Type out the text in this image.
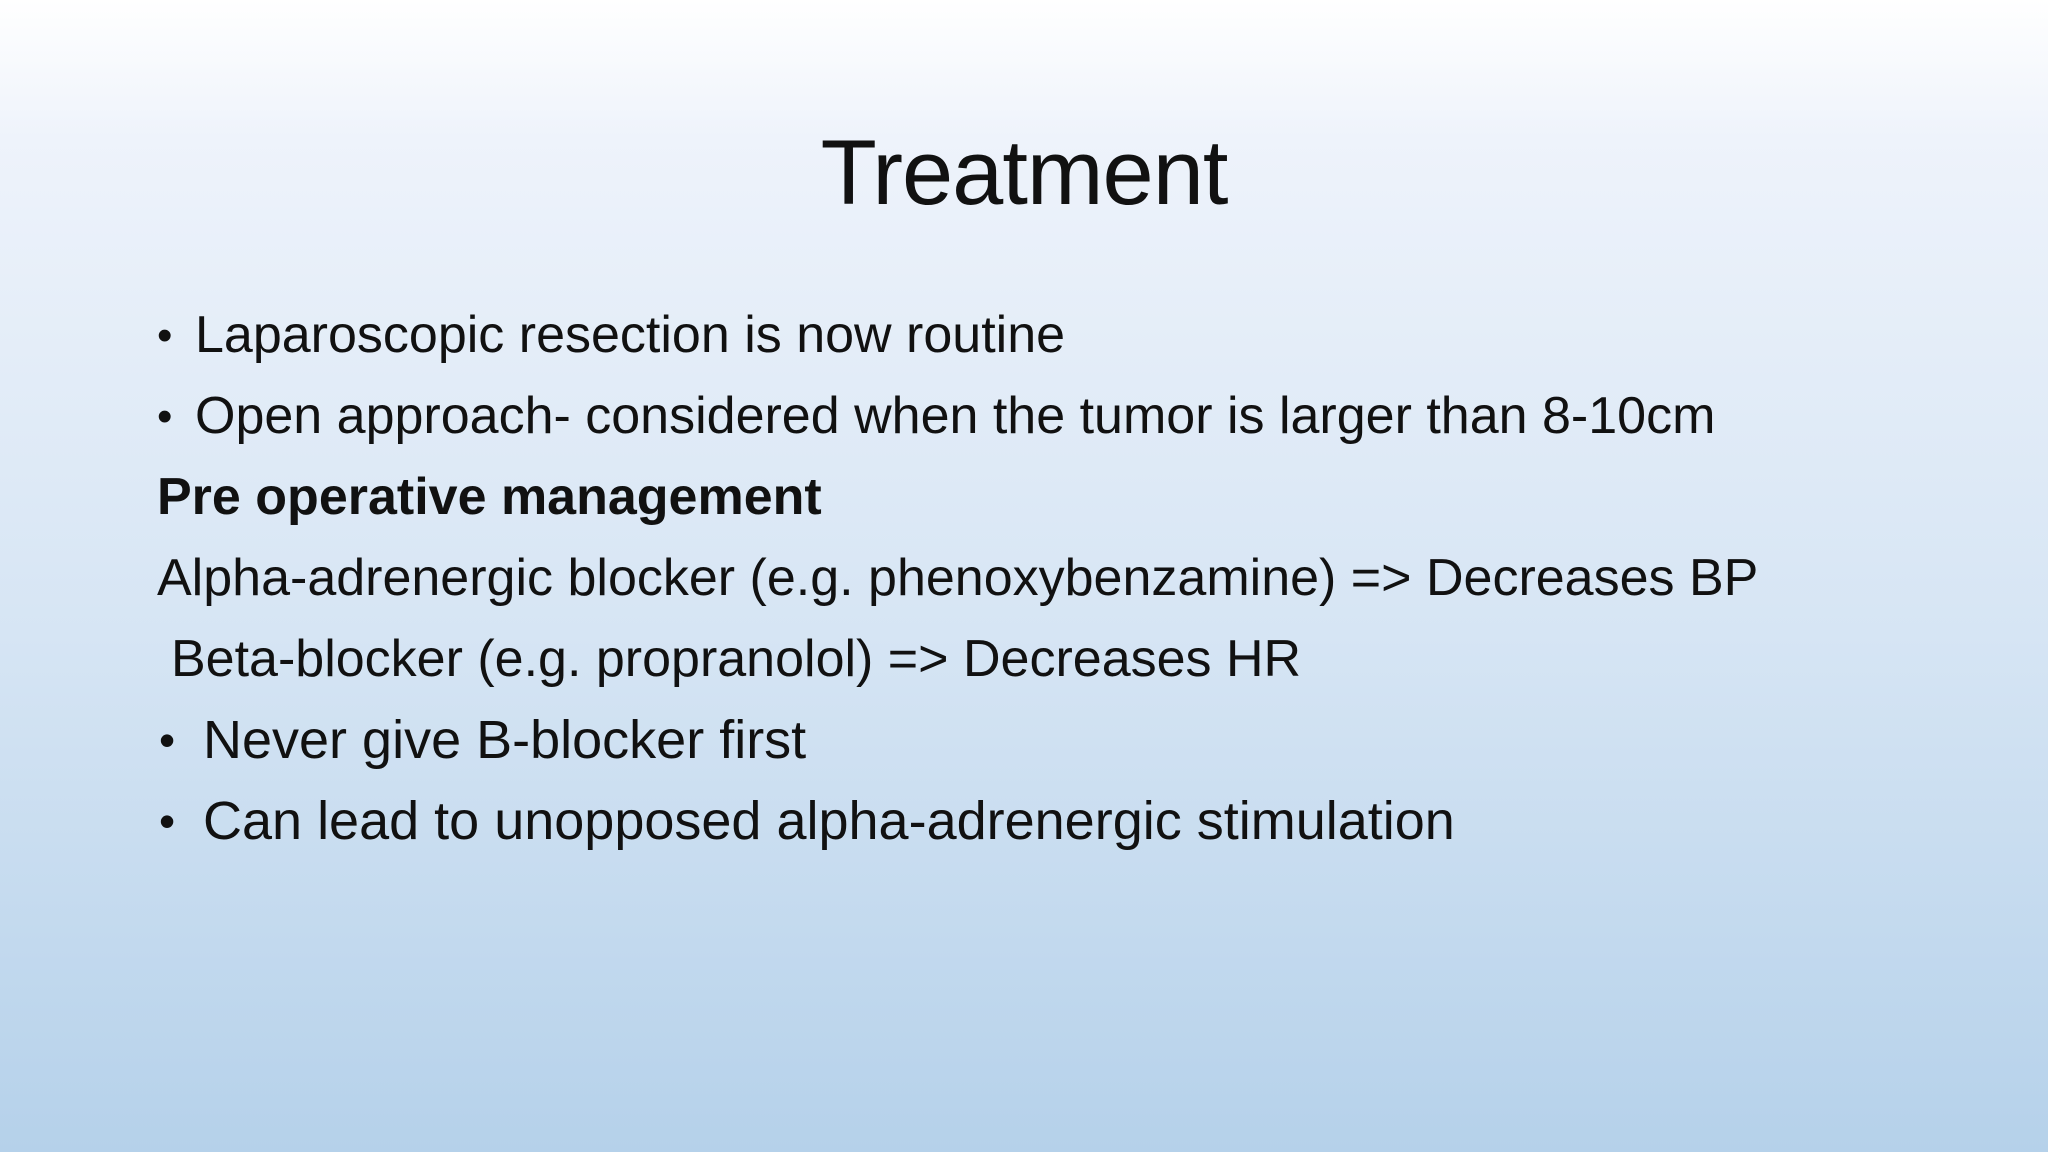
Treatment
• Laparoscopic resection is now routine
• Open approach- considered when the tumor is larger than 8-10cm
Pre operative management
Alpha-adrenergic blocker (e.g. phenoxybenzamine) => Decreases BP
Beta-blocker (e.g. propranolol) => Decreases HR
• Never give B-blocker first
• Can lead to unopposed alpha-adrenergic stimulation
